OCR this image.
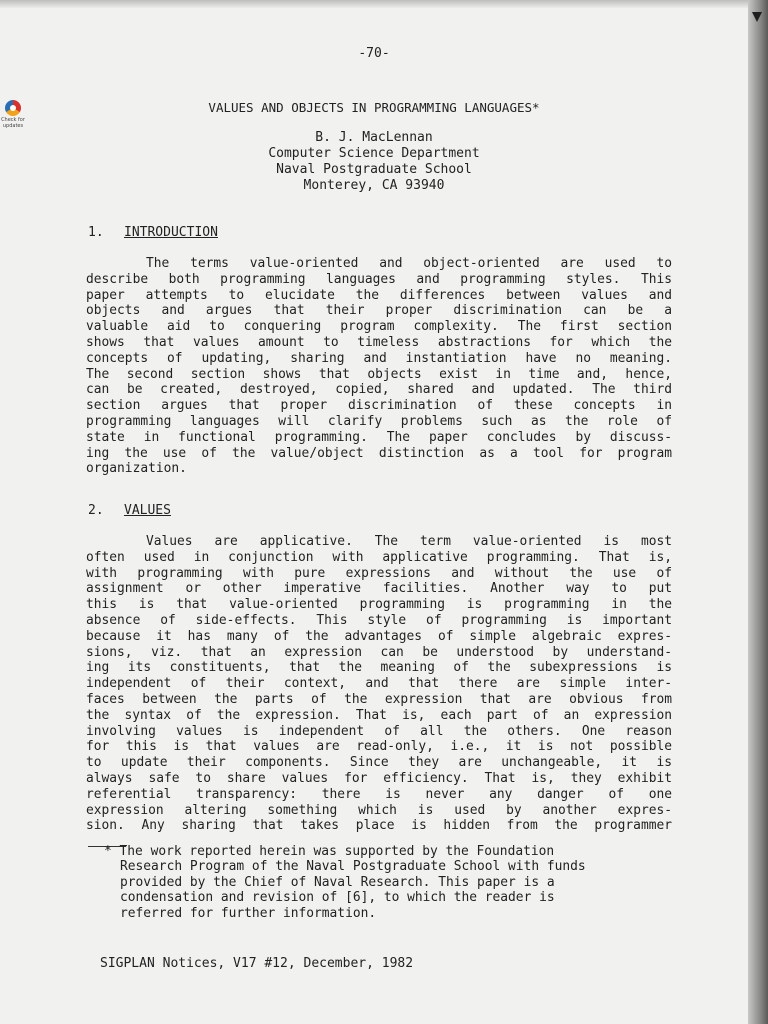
Check for updates
-70-
VALUES AND OBJECTS IN PROGRAMMING LANGUAGES*
B. J. MacLennan
Computer Science Department
Naval Postgraduate School
Monterey, CA 93940
1. INTRODUCTION
The terms value-oriented and object-oriented are used to
describe both programming languages and programming styles. This
paper attempts to elucidate the differences between values and
objects and argues that their proper discrimination can be a
valuable aid to conquering program complexity. The first section
shows that values amount to timeless abstractions for which the
concepts of updating, sharing and instantiation have no meaning.
The second section shows that objects exist in time and, hence,
can be created, destroyed, copied, shared and updated. The third
section argues that proper discrimination of these concepts in
programming languages will clarify problems such as the role of
state in functional programming. The paper concludes by discuss-
ing the use of the value/object distinction as a tool for program
organization.
2. VALUES
Values are applicative. The term value-oriented is most
often used in conjunction with applicative programming. That is,
with programming with pure expressions and without the use of
assignment or other imperative facilities. Another way to put
this is that value-oriented programming is programming in the
absence of side-effects. This style of programming is important
because it has many of the advantages of simple algebraic expres-
sions, viz. that an expression can be understood by understand-
ing its constituents, that the meaning of the subexpressions is
independent of their context, and that there are simple inter-
faces between the parts of the expression that are obvious from
the syntax of the expression. That is, each part of an expression
involving values is independent of all the others. One reason
for this is that values are read-only, i.e., it is not possible
to update their components. Since they are unchangeable, it is
always safe to share values for efficiency. That is, they exhibit
referential transparency: there is never any danger of one
expression altering something which is used by another expres-
sion. Any sharing that takes place is hidden from the programmer
* The work reported herein was supported by the Foundation
Research Program of the Naval Postgraduate School with funds
provided by the Chief of Naval Research. This paper is a
condensation and revision of [6], to which the reader is
referred for further information.
SIGPLAN Notices, V17 #12, December, 1982
